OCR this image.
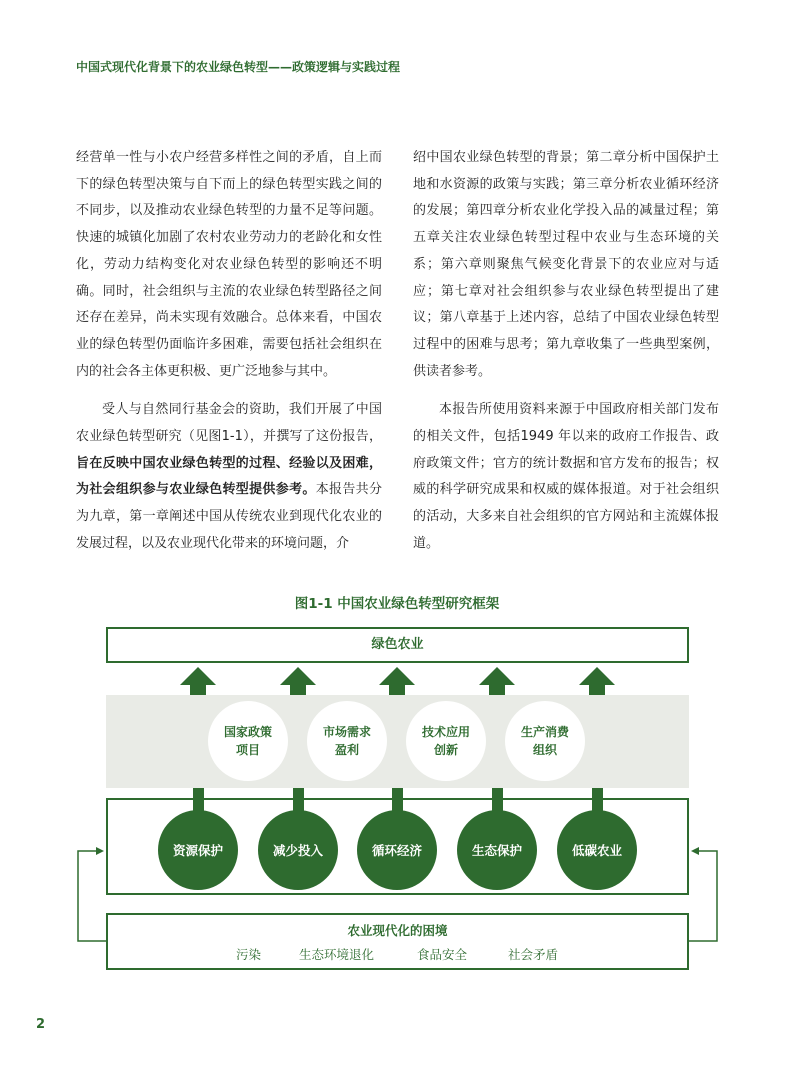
中国式现代化背景下的农业绿色转型——政策逻辑与实践过程

经营单一性与小农户经营多样性之间的矛盾，自上而下的绿色转型决策与自下而上的绿色转型实践之间的不同步，以及推动农业绿色转型的力量不足等问题。快速的城镇化加剧了农村农业劳动力的老龄化和女性化，劳动力结构变化对农业绿色转型的影响还不明确。同时，社会组织与主流的农业绿色转型路径之间还存在差异，尚未实现有效融合。总体来看，中国农业的绿色转型仍面临许多困难，需要包括社会组织在内的社会各主体更积极、更广泛地参与其中。

受人与自然同行基金会的资助，我们开展了中国农业绿色转型研究（见图1-1），并撰写了这份报告，旨在反映中国农业绿色转型的过程、经验以及困难，为社会组织参与农业绿色转型提供参考。本报告共分为九章，第一章阐述中国从传统农业到现代化农业的发展过程，以及农业现代化带来的环境问题，介

绍中国农业绿色转型的背景；第二章分析中国保护土地和水资源的政策与实践；第三章分析农业循环经济的发展；第四章分析农业化学投入品的减量过程；第五章关注农业绿色转型过程中农业与生态环境的关系；第六章则聚焦气候变化背景下的农业应对与适应；第七章对社会组织参与农业绿色转型提出了建议；第八章基于上述内容，总结了中国农业绿色转型过程中的困难与思考；第九章收集了一些典型案例，供读者参考。

本报告所使用资料来源于中国政府相关部门发布的相关文件，包括1949 年以来的政府工作报告、政府政策文件；官方的统计数据和官方发布的报告；权威的科学研究成果和权威的媒体报道。对于社会组织的活动，大多来自社会组织的官方网站和主流媒体报道。

图1-1 中国农业绿色转型研究框架
绿色农业
国家政策
项目
市场需求
盈利
技术应用
创新
生产消费
组织
资源保护	减少投入	循环经济	生态保护	低碳农业
农业现代化的困境
污染	生态环境退化	食品安全	社会矛盾
2
